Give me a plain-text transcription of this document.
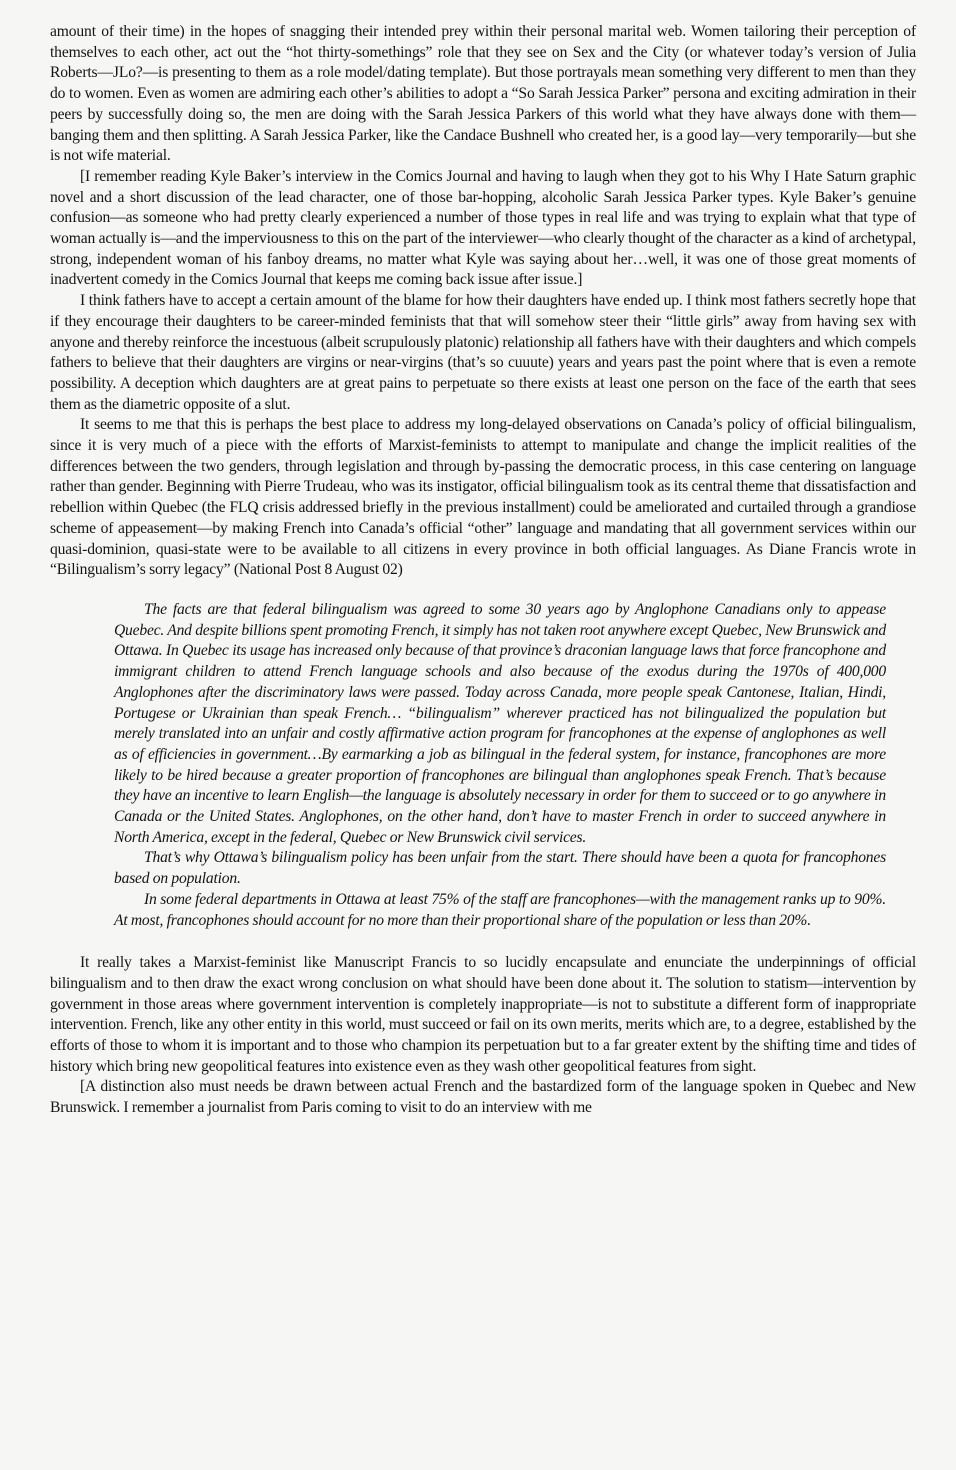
amount of their time) in the hopes of snagging their intended prey within their personal marital web. Women tailoring their perception of themselves to each other, act out the “hot thirty-somethings” role that they see on Sex and the City (or whatever today’s version of Julia Roberts—JLo?—is presenting to them as a role model/dating template). But those portrayals mean something very different to men than they do to women. Even as women are admiring each other’s abilities to adopt a “So Sarah Jessica Parker” persona and exciting admiration in their peers by successfully doing so, the men are doing with the Sarah Jessica Parkers of this world what they have always done with them—banging them and then splitting. A Sarah Jessica Parker, like the Candace Bushnell who created her, is a good lay—very temporarily—but she is not wife material.

[I remember reading Kyle Baker’s interview in the Comics Journal and having to laugh when they got to his Why I Hate Saturn graphic novel and a short discussion of the lead character, one of those bar-hopping, alcoholic Sarah Jessica Parker types. Kyle Baker’s genuine confusion—as someone who had pretty clearly experienced a number of those types in real life and was trying to explain what that type of woman actually is—and the imperviousness to this on the part of the interviewer—who clearly thought of the character as a kind of archetypal, strong, independent woman of his fanboy dreams, no matter what Kyle was saying about her…well, it was one of those great moments of inadvertent comedy in the Comics Journal that keeps me coming back issue after issue.]

I think fathers have to accept a certain amount of the blame for how their daughters have ended up. I think most fathers secretly hope that if they encourage their daughters to be career-minded feminists that that will somehow steer their “little girls” away from having sex with anyone and thereby reinforce the incestuous (albeit scrupulously platonic) relationship all fathers have with their daughters and which compels fathers to believe that their daughters are virgins or near-virgins (that’s so cuuute) years and years past the point where that is even a remote possibility. A deception which daughters are at great pains to perpetuate so there exists at least one person on the face of the earth that sees them as the diametric opposite of a slut.

It seems to me that this is perhaps the best place to address my long-delayed observations on Canada’s policy of official bilingualism, since it is very much of a piece with the efforts of Marxist-feminists to attempt to manipulate and change the implicit realities of the differences between the two genders, through legislation and through by-passing the democratic process, in this case centering on language rather than gender. Beginning with Pierre Trudeau, who was its instigator, official bilingualism took as its central theme that dissatisfaction and rebellion within Quebec (the FLQ crisis addressed briefly in the previous installment) could be ameliorated and curtailed through a grandiose scheme of appeasement—by making French into Canada’s official “other” language and mandating that all government services within our quasi-dominion, quasi-state were to be available to all citizens in every province in both official languages. As Diane Francis wrote in “Bilingualism’s sorry legacy” (National Post 8 August 02)

The facts are that federal bilingualism was agreed to some 30 years ago by Anglophone Canadians only to appease Quebec. And despite billions spent promoting French, it simply has not taken root anywhere except Quebec, New Brunswick and Ottawa. In Quebec its usage has increased only because of that province’s draconian language laws that force francophone and immigrant children to attend French language schools and also because of the exodus during the 1970s of 400,000 Anglophones after the discriminatory laws were passed. Today across Canada, more people speak Cantonese, Italian, Hindi, Portugese or Ukrainian than speak French… “bilingualism” wherever practiced has not bilingualized the population but merely translated into an unfair and costly affirmative action program for francophones at the expense of anglophones as well as of efficiencies in government…By earmarking a job as bilingual in the federal system, for instance, francophones are more likely to be hired because a greater proportion of francophones are bilingual than anglophones speak French. That’s because they have an incentive to learn English—the language is absolutely necessary in order for them to succeed or to go anywhere in Canada or the United States. Anglophones, on the other hand, don’t have to master French in order to succeed anywhere in North America, except in the federal, Quebec or New Brunswick civil services.

That’s why Ottawa’s bilingualism policy has been unfair from the start. There should have been a quota for francophones based on population.

In some federal departments in Ottawa at least 75% of the staff are francophones—with the management ranks up to 90%. At most, francophones should account for no more than their proportional share of the population or less than 20%.

It really takes a Marxist-feminist like Manuscript Francis to so lucidly encapsulate and enunciate the underpinnings of official bilingualism and to then draw the exact wrong conclusion on what should have been done about it. The solution to statism—intervention by government in those areas where government intervention is completely inappropriate—is not to substitute a different form of inappropriate intervention. French, like any other entity in this world, must succeed or fail on its own merits, merits which are, to a degree, established by the efforts of those to whom it is important and to those who champion its perpetuation but to a far greater extent by the shifting time and tides of history which bring new geopolitical features into existence even as they wash other geopolitical features from sight.

[A distinction also must needs be drawn between actual French and the bastardized form of the language spoken in Quebec and New Brunswick. I remember a journalist from Paris coming to visit to do an interview with me
